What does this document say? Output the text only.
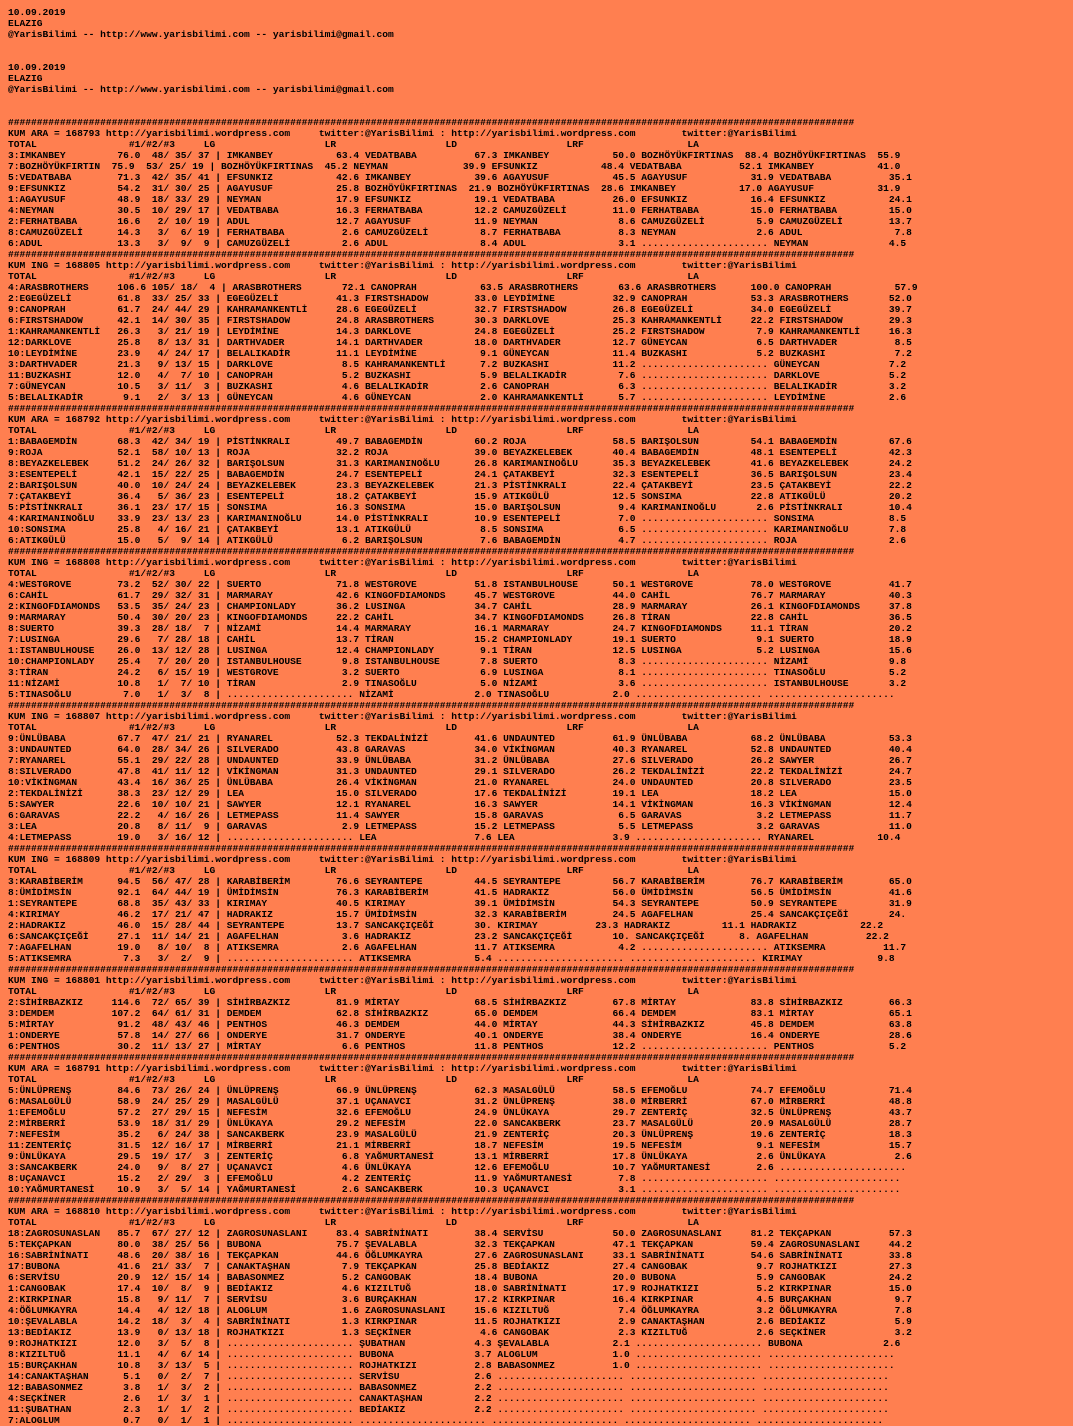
10.09.2019
ELAZIG
@YarisBilimi -- http://www.yarisbilimi.com -- yarisbilimi@gmail.com

10.09.2019
ELAZIG
@YarisBilimi -- http://www.yarisbilimi.com -- yarisbilimi@gmail.com

###################################################################################################################################################
KUM ARA = 168793 http://yarisbilimi.wordpress.com     twitter:@YarisBilimi : http://yarisbilimi.wordpress.com        twitter:@YarisBilimi
TOTAL                #1/#2/#3     LG                   LR                   LD                   LRF                  LA
3:IMKANBEY         76.0  48/ 35/ 37 | IMKANBEY           63.4 VEDATBABA          67.3 IMKANBEY           50.0 BOZHÖYÜKFIRTINAS  88.4 BOZHÖYÜKFIRTINAS  55.9
7:BOZHÖYÜKFIRTIN  75.9  53/ 25/ 19 | BOZHÖYÜKFIRTINAS  45.2 NEYMAN             39.9 EFSUNKIZ           48.4 VEDATBABA          52.1 IMKANBEY           41.0
5:VEDATBABA        71.3  42/ 35/ 41 | EFSUNKIZ           42.6 IMKANBEY           39.6 AGAYUSUF           45.5 AGAYUSUF           31.9 VEDATBABA          35.1
9:EFSUNKIZ         54.2  31/ 30/ 25 | AGAYUSUF           25.8 BOZHÖYÜKFIRTINAS  21.9 BOZHÖYÜKFIRTINAS  28.6 IMKANBEY           17.0 AGAYUSUF           31.9
1:AGAYUSUF         48.9  18/ 33/ 29 | NEYMAN             17.9 EFSUNKIZ           19.1 VEDATBABA          26.0 EFSUNKIZ           16.4 EFSUNKIZ           24.1
4:NEYMAN           30.5  10/ 29/ 17 | VEDATBABA          16.3 FERHATBABA         12.2 CAMUZGÜZELİ        11.0 FERHATBABA         15.0 FERHATBABA         15.0
2:FERHATBABA       16.6   2/ 10/ 19 | ADUL               12.7 AGAYUSUF           11.9 NEYMAN              8.6 CAMUZGÜZELİ         5.9 CAMUZGÜZELİ        13.7
8:CAMUZGÜZELİ      14.3   3/  6/ 19 | FERHATBABA          2.6 CAMUZGÜZELİ         8.7 FERHATBABA          8.3 NEYMAN              2.6 ADUL                7.8
6:ADUL             13.3   3/  9/  9 | CAMUZGÜZELİ         2.6 ADUL                8.4 ADUL                3.1 ...................... NEYMAN              4.5
###################################################################################################################################################
KUM ING = 168805 http://yarisbilimi.wordpress.com     twitter:@YarisBilimi : http://yarisbilimi.wordpress.com        twitter:@YarisBilimi
TOTAL                #1/#2/#3     LG                   LR                   LD                   LRF                  LA
4:ARASBROTHERS     106.6 105/ 18/  4 | ARASBROTHERS       72.1 CANOPRAH           63.5 ARASBROTHERS       63.6 ARASBROTHERS      100.0 CANOPRAH           57.9
2:EGEGÜZELİ        61.8  33/ 25/ 33 | EGEGÜZELİ          41.3 FIRSTSHADOW        33.0 LEYDİMİNE          32.9 CANOPRAH           53.3 ARASBROTHERS       52.0
9:CANOPRAH         61.7  24/ 44/ 29 | KAHRAMANKENTLİ     28.6 EGEGÜZELİ          32.7 FIRSTSHADOW        26.8 EGEGÜZELİ          34.0 EGEGÜZELİ          39.7
6:FIRSTSHADOW      42.1  14/ 30/ 35 | FIRSTSHADOW        24.8 ARASBROTHERS       30.3 DARKLOVE           25.3 KAHRAMANKENTLİ     22.2 FIRSTSHADOW        29.3
1:KAHRAMANKENTLİ   26.3   3/ 21/ 19 | LEYDİMİNE          14.3 DARKLOVE           24.8 EGEGÜZELİ          25.2 FIRSTSHADOW         7.9 KAHRAMANKENTLİ     16.3
12:DARKLOVE        25.8   8/ 13/ 31 | DARTHVADER         14.1 DARTHVADER         18.0 DARTHVADER         12.7 GÜNEYCAN            6.5 DARTHVADER          8.5
10:LEYDİMİNE       23.9   4/ 24/ 17 | BELALIKADİR        11.1 LEYDİMİNE           9.1 GÜNEYCAN           11.4 BUZKASHI            5.2 BUZKASHI            7.2
3:DARTHVADER       21.3   9/ 13/ 15 | DARKLOVE            8.5 KAHRAMANKENTLİ      7.2 BUZKASHI           11.2 ...................... GÜNEYCAN            7.2
11:BUZKASHI        12.0   4/  7/ 10 | CANOPRAH            5.2 BUZKASHI            5.9 BELALIKADİR         7.6 ...................... DARKLOVE            5.2
7:GÜNEYCAN         10.5   3/ 11/  3 | BUZKASHI            4.6 BELALIKADİR         2.6 CANOPRAH            6.3 ...................... BELALIKADİR         3.2
5:BELALIKADİR       9.1   2/  3/ 13 | GÜNEYCAN            4.6 GÜNEYCAN            2.0 KAHRAMANKENTLİ      5.7 ...................... LEYDİMİNE           2.6
###################################################################################################################################################
KUM ARA = 168792 http://yarisbilimi.wordpress.com     twitter:@YarisBilimi : http://yarisbilimi.wordpress.com        twitter:@YarisBilimi
TOTAL                #1/#2/#3     LG                   LR                   LD                   LRF                  LA
1:BABAGEMDİN       68.3  42/ 34/ 19 | PİSTİNKRALI        49.7 BABAGEMDİN         60.2 ROJA               58.5 BARIŞOLSUN         54.1 BABAGEMDİN         67.6
9:ROJA             52.1  58/ 10/ 13 | ROJA               32.2 ROJA               39.0 BEYAZKELEBEK       40.4 BABAGEMDİN         48.1 ESENTEPELİ         42.3
8:BEYAZKELEBEK     51.2  24/ 26/ 32 | BARIŞOLSUN         31.3 KARIMANINOĞLU      26.8 KARIMANINOĞLU      35.3 BEYAZKELEBEK       41.6 BEYAZKELEBEK       24.2
3:ESENTEPELİ       42.1  15/ 22/ 25 | BABAGEMDİN         24.7 ESENTEPELİ         24.1 ÇATAKBEYİ          32.3 ESENTEPELİ         36.5 BARIŞOLSUN         23.4
2:BARIŞOLSUN       40.0  10/ 24/ 24 | BEYAZKELEBEK       23.3 BEYAZKELEBEK       21.3 PİSTİNKRALI        22.4 ÇATAKBEYİ          23.5 ÇATAKBEYİ          22.2
7:ÇATAKBEYİ        36.4   5/ 36/ 23 | ESENTEPELİ         18.2 ÇATAKBEYİ          15.9 ATIKGÜLÜ           12.5 SONSIMA            22.8 ATIKGÜLÜ           20.2
5:PİSTİNKRALI      36.1  23/ 17/ 15 | SONSIMA            16.3 SONSIMA            15.0 BARIŞOLSUN          9.4 KARIMANINOĞLU       2.6 PİSTİNKRALI        10.4
4:KARIMANINOĞLU    33.9  23/ 13/ 23 | KARIMANINOĞLU      14.0 PİSTİNKRALI        10.9 ESENTEPELİ          7.0 ...................... SONSIMA             8.5
10:SONSIMA         25.8   4/ 16/ 21 | ÇATAKBEYİ          13.1 ATIKGÜLÜ            8.5 SONSIMA             6.5 ...................... KARIMANINOĞLU       7.8
6:ATIKGÜLÜ         15.0   5/  9/ 14 | ATIKGÜLÜ            6.2 BARIŞOLSUN          7.6 BABAGEMDİN          4.7 ...................... ROJA                2.6
###################################################################################################################################################
KUM ING = 168808 http://yarisbilimi.wordpress.com     twitter:@YarisBilimi : http://yarisbilimi.wordpress.com        twitter:@YarisBilimi
TOTAL                #1/#2/#3     LG                   LR                   LD                   LRF                  LA
4:WESTGROVE        73.2  52/ 30/ 22 | SUERTO             71.8 WESTGROVE          51.8 ISTANBULHOUSE      50.1 WESTGROVE          78.0 WESTGROVE          41.7
6:CAHİL            61.7  29/ 32/ 31 | MARMARAY           42.6 KINGOFDIAMONDS     45.7 WESTGROVE          44.0 CAHİL              76.7 MARMARAY           40.3
2:KINGOFDIAMONDS   53.5  35/ 24/ 23 | CHAMPIONLADY       36.2 LUSINGA            34.7 CAHİL              28.9 MARMARAY           26.1 KINGOFDIAMONDS     37.8
9:MARMARAY         50.4  30/ 20/ 23 | KINGOFDIAMONDS     22.2 CAHİL              34.7 KINGOFDIAMONDS     26.8 TİRAN              22.8 CAHİL              36.5
8:SUERTO           39.3  28/ 18/  7 | NİZAMİ             14.4 MARMARAY           16.1 MARMARAY           24.7 KINGOFDIAMONDS     11.1 TİRAN              20.2
7:LUSINGA          29.6   7/ 28/ 18 | CAHİL              13.7 TİRAN              15.2 CHAMPIONLADY       19.1 SUERTO              9.1 SUERTO             18.9
1:ISTANBULHOUSE    26.0  13/ 12/ 28 | LUSINGA            12.4 CHAMPIONLADY        9.1 TİRAN              12.5 LUSINGA             5.2 LUSINGA            15.6
10:CHAMPIONLADY    25.4   7/ 20/ 20 | ISTANBULHOUSE       9.8 ISTANBULHOUSE       7.8 SUERTO              8.3 ...................... NİZAMİ              9.8
3:TİRAN            24.2   6/ 15/ 19 | WESTGROVE           3.2 SUERTO              6.9 LUSINGA             8.1 ...................... TINASOĞLU           5.2
11:NİZAMİ          10.8   1/  7/ 10 | TİRAN               2.9 TINASOĞLU           5.0 NİZAMİ              3.6 ...................... ISTANBULHOUSE       3.2
5:TINASOĞLU         7.0   1/  3/  8 | ...................... NİZAMİ              2.0 TINASOĞLU           2.0 ...................... ......................
###################################################################################################################################################
KUM ING = 168807 http://yarisbilimi.wordpress.com     twitter:@YarisBilimi : http://yarisbilimi.wordpress.com        twitter:@YarisBilimi
TOTAL                #1/#2/#3     LG                   LR                   LD                   LRF                  LA
9:ÜNLÜBABA         67.7  47/ 21/ 21 | RYANAREL           52.3 TEKDALİNİZİ        41.6 UNDAUNTED          61.9 ÜNLÜBABA           68.2 ÜNLÜBABA           53.3
3:UNDAUNTED        64.0  28/ 34/ 26 | SILVERADO          43.8 GARAVAS            34.0 VİKİNGMAN          40.3 RYANAREL           52.8 UNDAUNTED          40.4
7:RYANAREL         55.1  29/ 22/ 28 | UNDAUNTED          33.9 ÜNLÜBABA           31.2 ÜNLÜBABA           27.6 SILVERADO          26.2 SAWYER             26.7
8:SILVERADO        47.8  41/ 11/ 12 | VİKİNGMAN          31.3 UNDAUNTED          29.1 SILVERADO          26.2 TEKDALİNİZİ        22.2 TEKDALİNİZİ        24.7
10:VİKİNGMAN       43.4  16/ 36/ 25 | ÜNLÜBABA           26.4 VİKİNGMAN          21.0 RYANAREL           24.0 UNDAUNTED          20.8 SILVERADO          23.5
2:TEKDALİNİZİ      38.3  23/ 12/ 29 | LEA                15.0 SILVERADO          17.6 TEKDALİNİZİ        19.1 LEA                18.2 LEA                15.0
5:SAWYER           22.6  10/ 10/ 21 | SAWYER             12.1 RYANAREL           16.3 SAWYER             14.1 VİKİNGMAN          16.3 VİKİNGMAN          12.4
6:GARAVAS          22.2   4/ 16/ 26 | LETMEPASS          11.4 SAWYER             15.8 GARAVAS             6.5 GARAVAS             3.2 LETMEPASS          11.7
3:LEA              20.8   8/ 11/  9 | GARAVAS             2.9 LETMEPASS          15.2 LETMEPASS           5.5 LETMEPASS           3.2 GARAVAS            11.0
4:LETMEPASS        19.0   3/ 16/ 12 | ...................... LEA                 7.6 LEA                 3.9 ...................... RYANAREL           10.4
###################################################################################################################################################
KUM ING = 168809 http://yarisbilimi.wordpress.com     twitter:@YarisBilimi : http://yarisbilimi.wordpress.com        twitter:@YarisBilimi
TOTAL                #1/#2/#3     LG                   LR                   LD                   LRF                  LA
3:KARABİBERİM      94.5  56/ 47/ 28 | KARABİBERİM        76.6 SEYRANTEPE         44.5 SEYRANTEPE         56.7 KARABİBERİM        76.7 KARABİBERİM        65.0
8:ÜMİDİMSİN        92.1  64/ 44/ 19 | ÜMİDİMSİN          76.3 KARABİBERİM        41.5 HADRAKIZ           56.0 ÜMİDİMSİN          56.5 ÜMİDİMSİN          41.6
1:SEYRANTEPE       68.8  35/ 43/ 33 | KIRIMAY            40.5 KIRIMAY            39.1 ÜMİDİMSİN          54.3 SEYRANTEPE         50.9 SEYRANTEPE         31.9
4:KIRIMAY          46.2  17/ 21/ 47 | HADRAKIZ           15.7 ÜMİDİMSİN          32.3 KARABİBERİM        24.5 AGAFELHAN          25.4 SANCAKÇIÇEĞİ       24.
2:HADRAKIZ         46.0  15/ 28/ 44 | SEYRANTEPE         13.7 SANCAKÇIÇEĞİ       30. KIRIMAY          23.3 HADRAKIZ         11.1 HADRAKIZ           22.2
6:SANCAKÇIÇEĞİ     27.1  11/ 14/ 21 | AGAFELHAN           3.6 HADRAKIZ           23.2 SANCAKÇIÇEĞİ       10. SANCAKÇIÇEĞİ      8. AGAFELHAN          22.2
7:AGAFELHAN        19.0   8/ 10/  8 | ATIKSEMRA           2.6 AGAFELHAN          11.7 ATIKSEMRA           4.2 ...................... ATIKSEMRA          11.7
5:ATIKSEMRA         7.3   3/  2/  9 | ...................... ATIKSEMRA           5.4 ...................... ...................... KIRIMAY             9.8
###################################################################################################################################################
KUM ING = 168801 http://yarisbilimi.wordpress.com     twitter:@YarisBilimi : http://yarisbilimi.wordpress.com        twitter:@YarisBilimi
TOTAL                #1/#2/#3     LG                   LR                   LD                   LRF                  LA
2:SİHİRBAZKIZ     114.6  72/ 65/ 39 | SİHİRBAZKIZ        81.9 MİRTAY             68.5 SİHİRBAZKIZ        67.8 MİRTAY             83.8 SİHİRBAZKIZ        66.3
3:DEMDEM          107.2  64/ 61/ 31 | DEMDEM             62.8 SİHİRBAZKIZ        65.0 DEMDEM             66.4 DEMDEM             83.1 MİRTAY             65.1
5:MİRTAY           91.2  48/ 43/ 46 | PENTHOS            46.3 DEMDEM             44.0 MİRTAY             44.3 SİHİRBAZKIZ        45.8 DEMDEM             63.8
1:ONDERYE          57.8  14/ 27/ 66 | ONDERYE            31.7 ONDERYE            40.1 ONDERYE            38.4 ONDERYE            16.4 ONDERYE            28.6
6:PENTHOS          30.2  11/ 13/ 27 | MİRTAY              6.6 PENTHOS            11.8 PENTHOS            12.2 ...................... PENTHOS             5.2
###################################################################################################################################################
KUM ARA = 168791 http://yarisbilimi.wordpress.com     twitter:@YarisBilimi : http://yarisbilimi.wordpress.com        twitter:@YarisBilimi
TOTAL                #1/#2/#3     LG                   LR                   LD                   LRF                  LA
5:ÜNLÜPRENŞ        84.6  73/ 26/ 24 | ÜNLÜPRENŞ          66.9 ÜNLÜPRENŞ          62.3 MASALGÜLÜ          58.5 EFEMOĞLU           74.7 EFEMOĞLU           71.4
6:MASALGÜLÜ        58.9  24/ 25/ 29 | MASALGÜLÜ          37.1 UÇANAVCI           31.2 ÜNLÜPRENŞ          38.0 MİRBERRİ           67.0 MİRBERRİ           48.8
1:EFEMOĞLU         57.2  27/ 29/ 15 | NEFESİM            32.6 EFEMOĞLU           24.9 ÜNLÜKAYA           29.7 ZENTERİÇ           32.5 ÜNLÜPRENŞ          43.7
2:MİRBERRİ         53.9  18/ 31/ 29 | ÜNLÜKAYA           29.2 NEFESİM            22.0 SANCAKBERK         23.7 MASALGÜLÜ          20.9 MASALGÜLÜ          28.7
7:NEFESİM          35.2   6/ 24/ 38 | SANCAKBERK         23.9 MASALGÜLÜ          21.9 ZENTERİÇ           20.3 ÜNLÜPRENŞ          19.6 ZENTERİÇ           18.3
11:ZENTERİÇ        31.5  12/ 16/ 17 | MİRBERRİ           21.1 MİRBERRİ           18.7 NEFESİM            19.5 NEFESİM             9.1 NEFESİM            15.7
9:ÜNLÜKAYA         29.5  19/ 17/  3 | ZENTERİÇ            6.8 YAĞMURTANESİ       13.1 MİRBERRİ           17.8 ÜNLÜKAYA            2.6 ÜNLÜKAYA            2.6
3:SANCAKBERK       24.0   9/  8/ 27 | UÇANAVCI            4.6 ÜNLÜKAYA           12.6 EFEMOĞLU           10.7 YAĞMURTANESİ        2.6 ......................
8:UÇANAVCI         15.2   2/ 29/  3 | EFEMOĞLU            4.2 ZENTERİÇ           11.9 YAĞMURTANESİ        7.8 ...................... ......................
10:YAĞMURTANESİ    10.9   3/  5/ 14 | YAĞMURTANESİ        2.6 SANCAKBERK         10.3 UÇANAVCI            3.1 ...................... ......................
###################################################################################################################################################
KUM ARA = 168810 http://yarisbilimi.wordpress.com     twitter:@YarisBilimi : http://yarisbilimi.wordpress.com        twitter:@YarisBilimi
TOTAL                #1/#2/#3     LG                   LR                   LD                   LRF                  LA
18:ZAGROSUNASLAN   85.7  67/ 27/ 12 | ZAGROSUNASLANI     83.4 SABRİNİNATI        38.4 SERVİSU            50.0 ZAGROSUNASLANI     81.2 TEKÇAPKAN          57.3
5:TEKÇAPKAN        80.0  38/ 25/ 56 | BUBONA             75.7 ŞEVALABLA          32.3 TEKÇAPKAN          47.1 TEKÇAPKAN          59.4 ZAGROSUNASLANI     44.2
16:SABRİNİNATI     48.6  20/ 38/ 16 | TEKÇAPKAN          44.6 ÖĞLUMKAYRA         27.6 ZAGROSUNASLANI     33.1 SABRİNİNATI        54.6 SABRİNİNATI        33.8
17:BUBONA          41.6  21/ 33/  7 | CANAKTAŞHAN         7.9 TEKÇAPKAN          25.8 BEDİAKIZ           27.4 CANGOBAK            9.7 ROJHATKIZI         27.3
6:SERVİSU          20.9  12/ 15/ 14 | BABASONMEZ          5.2 CANGOBAK           18.4 BUBONA             20.0 BUBONA              5.9 CANGOBAK           24.2
1:CANGOBAK         17.4  10/  8/  9 | BEDİAKIZ            4.6 KIZILTUĞ           18.0 SABRİNİNATI        17.9 ROJHATKIZI          5.2 KIRKPINAR          15.0
2:KIRKPINAR        15.8   9/ 11/  7 | SERVİSU             3.6 BURÇAKHAN          17.2 KIRKPINAR          16.4 KIRKPINAR           4.5 BURÇAKHAN           9.7
4:ÖĞLUMKAYRA       14.4   4/ 12/ 18 | ALOGLUM             1.6 ZAGROSUNASLANI     15.6 KIZILTUĞ            7.4 ÖĞLUMKAYRA          3.2 ÖĞLUMKAYRA          7.8
10:ŞEVALABLA       14.2  18/  3/  4 | SABRİNİNATI         1.3 KIRKPINAR          11.5 ROJHATKIZI          2.9 CANAKTAŞHAN         2.6 BEDİAKIZ            5.9
13:BEDİAKIZ        13.9   0/ 13/ 18 | ROJHATKIZI          1.3 SEÇKİNER            4.6 CANGOBAK            2.3 KIZILTUĞ            2.6 SEÇKİNER            3.2
9:ROJHATKIZI       12.0   3/  5/  8 | ...................... ŞUBATHAN            4.3 ŞEVALABLA           2.1 ...................... BUBONA              2.6
8:KIZILTUĞ         11.1   4/  6/ 14 | ...................... BUBONA              3.7 ALOGLUM             1.0 ...................... ......................
15:BURÇAKHAN       10.8   3/ 13/  5 | ...................... ROJHATKIZI          2.8 BABASONMEZ          1.0 ...................... ......................
14:CANAKTAŞHAN      5.1   0/  2/  7 | ...................... SERVİSU             2.6 ...................... ...................... ......................
12:BABASONMEZ       3.8   1/  3/  2 | ...................... BABASONMEZ          2.2 ...................... ...................... ......................
4:SEÇKİNER          2.6   1/  3/  1 | ...................... CANAKTAŞHAN         2.2 ...................... ...................... ......................
11:ŞUBATHAN         2.3   1/  1/  2 | ...................... BEDİAKIZ            2.2 ...................... ...................... ......................
7:ALOGLUM           0.7   0/  1/  1 | ...................... ...................... ...................... ...................... ......................
